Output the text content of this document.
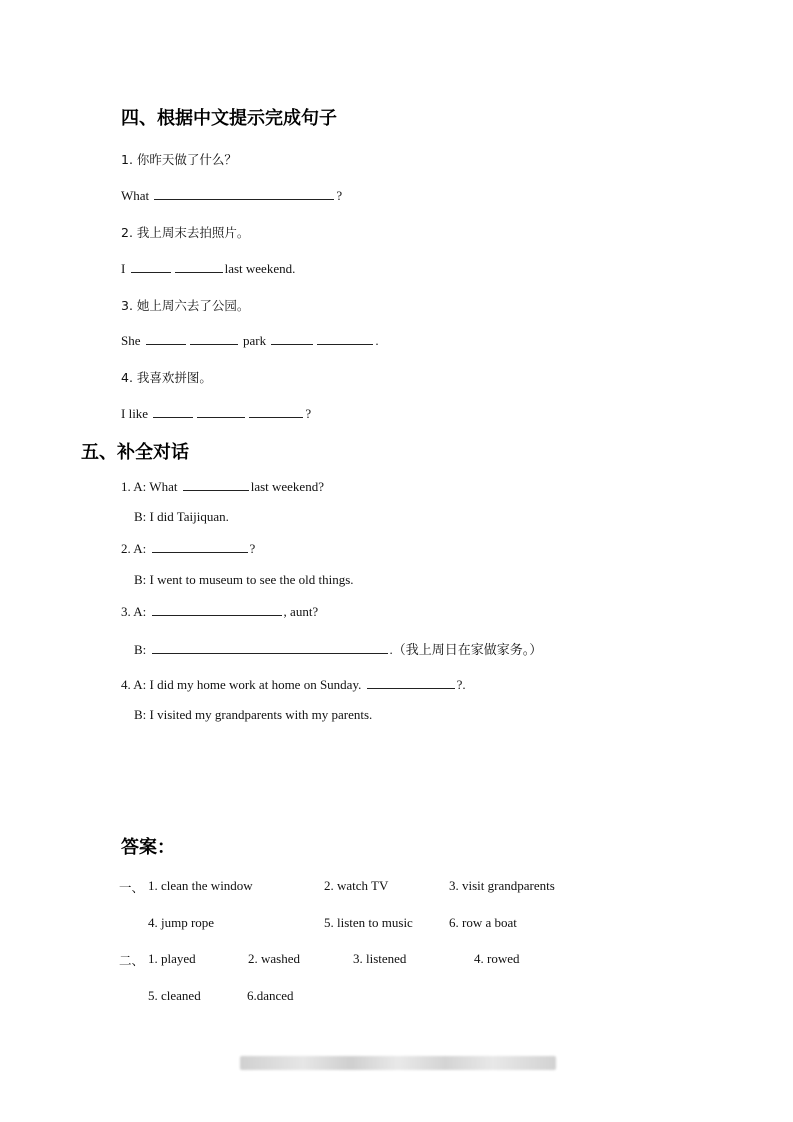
四、根据中文提示完成句子
1. 你昨天做了什么？
What	?
2. 我上周末去拍照片。
I	last weekend.
3. 她上周六去了公园。
She	park	.
4. 我喜欢拼图。
I like	?
五、补全对话
1. A: What	last weekend?
B: I did Taijiquan.
2. A:	?
B: I went to museum to see the old things.
3. A:	, aunt?
B:	.（我上周日在家做家务。）
4. A: I did my home work at home on Sunday.	?.
B: I visited my grandparents with my parents.
答案：
一、 1. clean the window	2. watch TV	3. visit grandparents
4. jump rope	5. listen to music	6. row a boat
二、 1. played	2. washed	3. listened	4. rowed
5. cleaned	6.danced
